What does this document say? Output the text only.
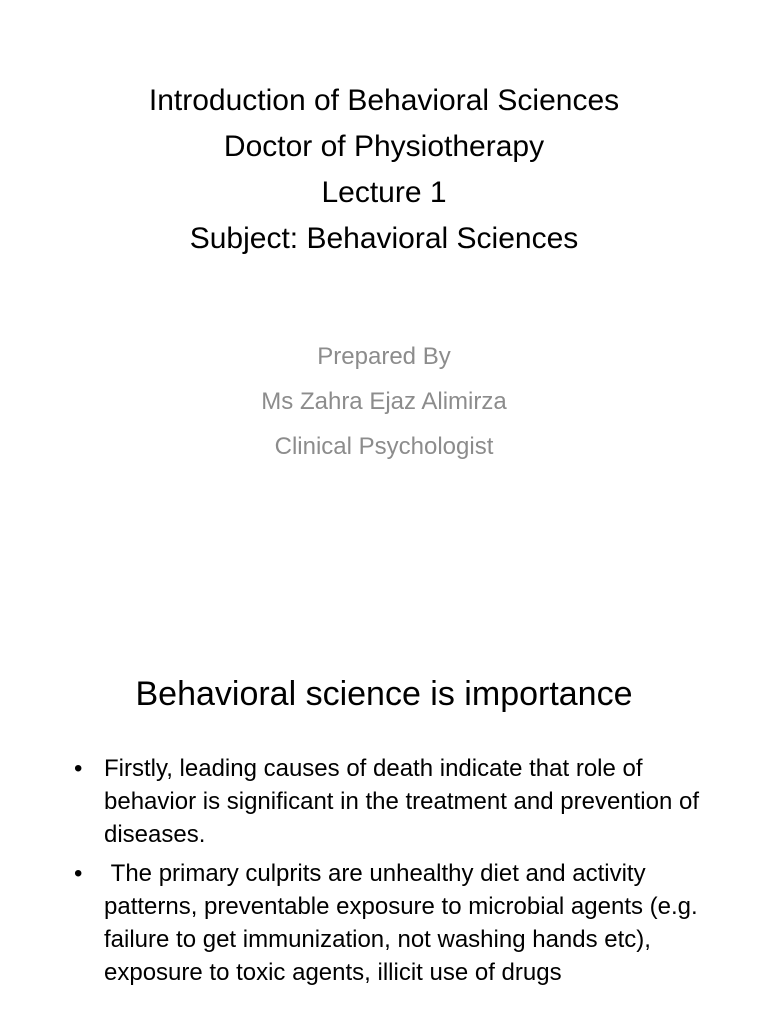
Introduction of Behavioral Sciences
Doctor of Physiotherapy
Lecture 1
Subject: Behavioral Sciences
Prepared By
Ms Zahra Ejaz Alimirza
Clinical Psychologist
Behavioral science is importance
• Firstly, leading causes of death indicate that role of behavior is significant in the treatment and prevention of diseases.
• The primary culprits are unhealthy diet and activity patterns, preventable exposure to microbial agents (e.g. failure to get immunization, not washing hands etc), exposure to toxic agents, illicit use of drugs
